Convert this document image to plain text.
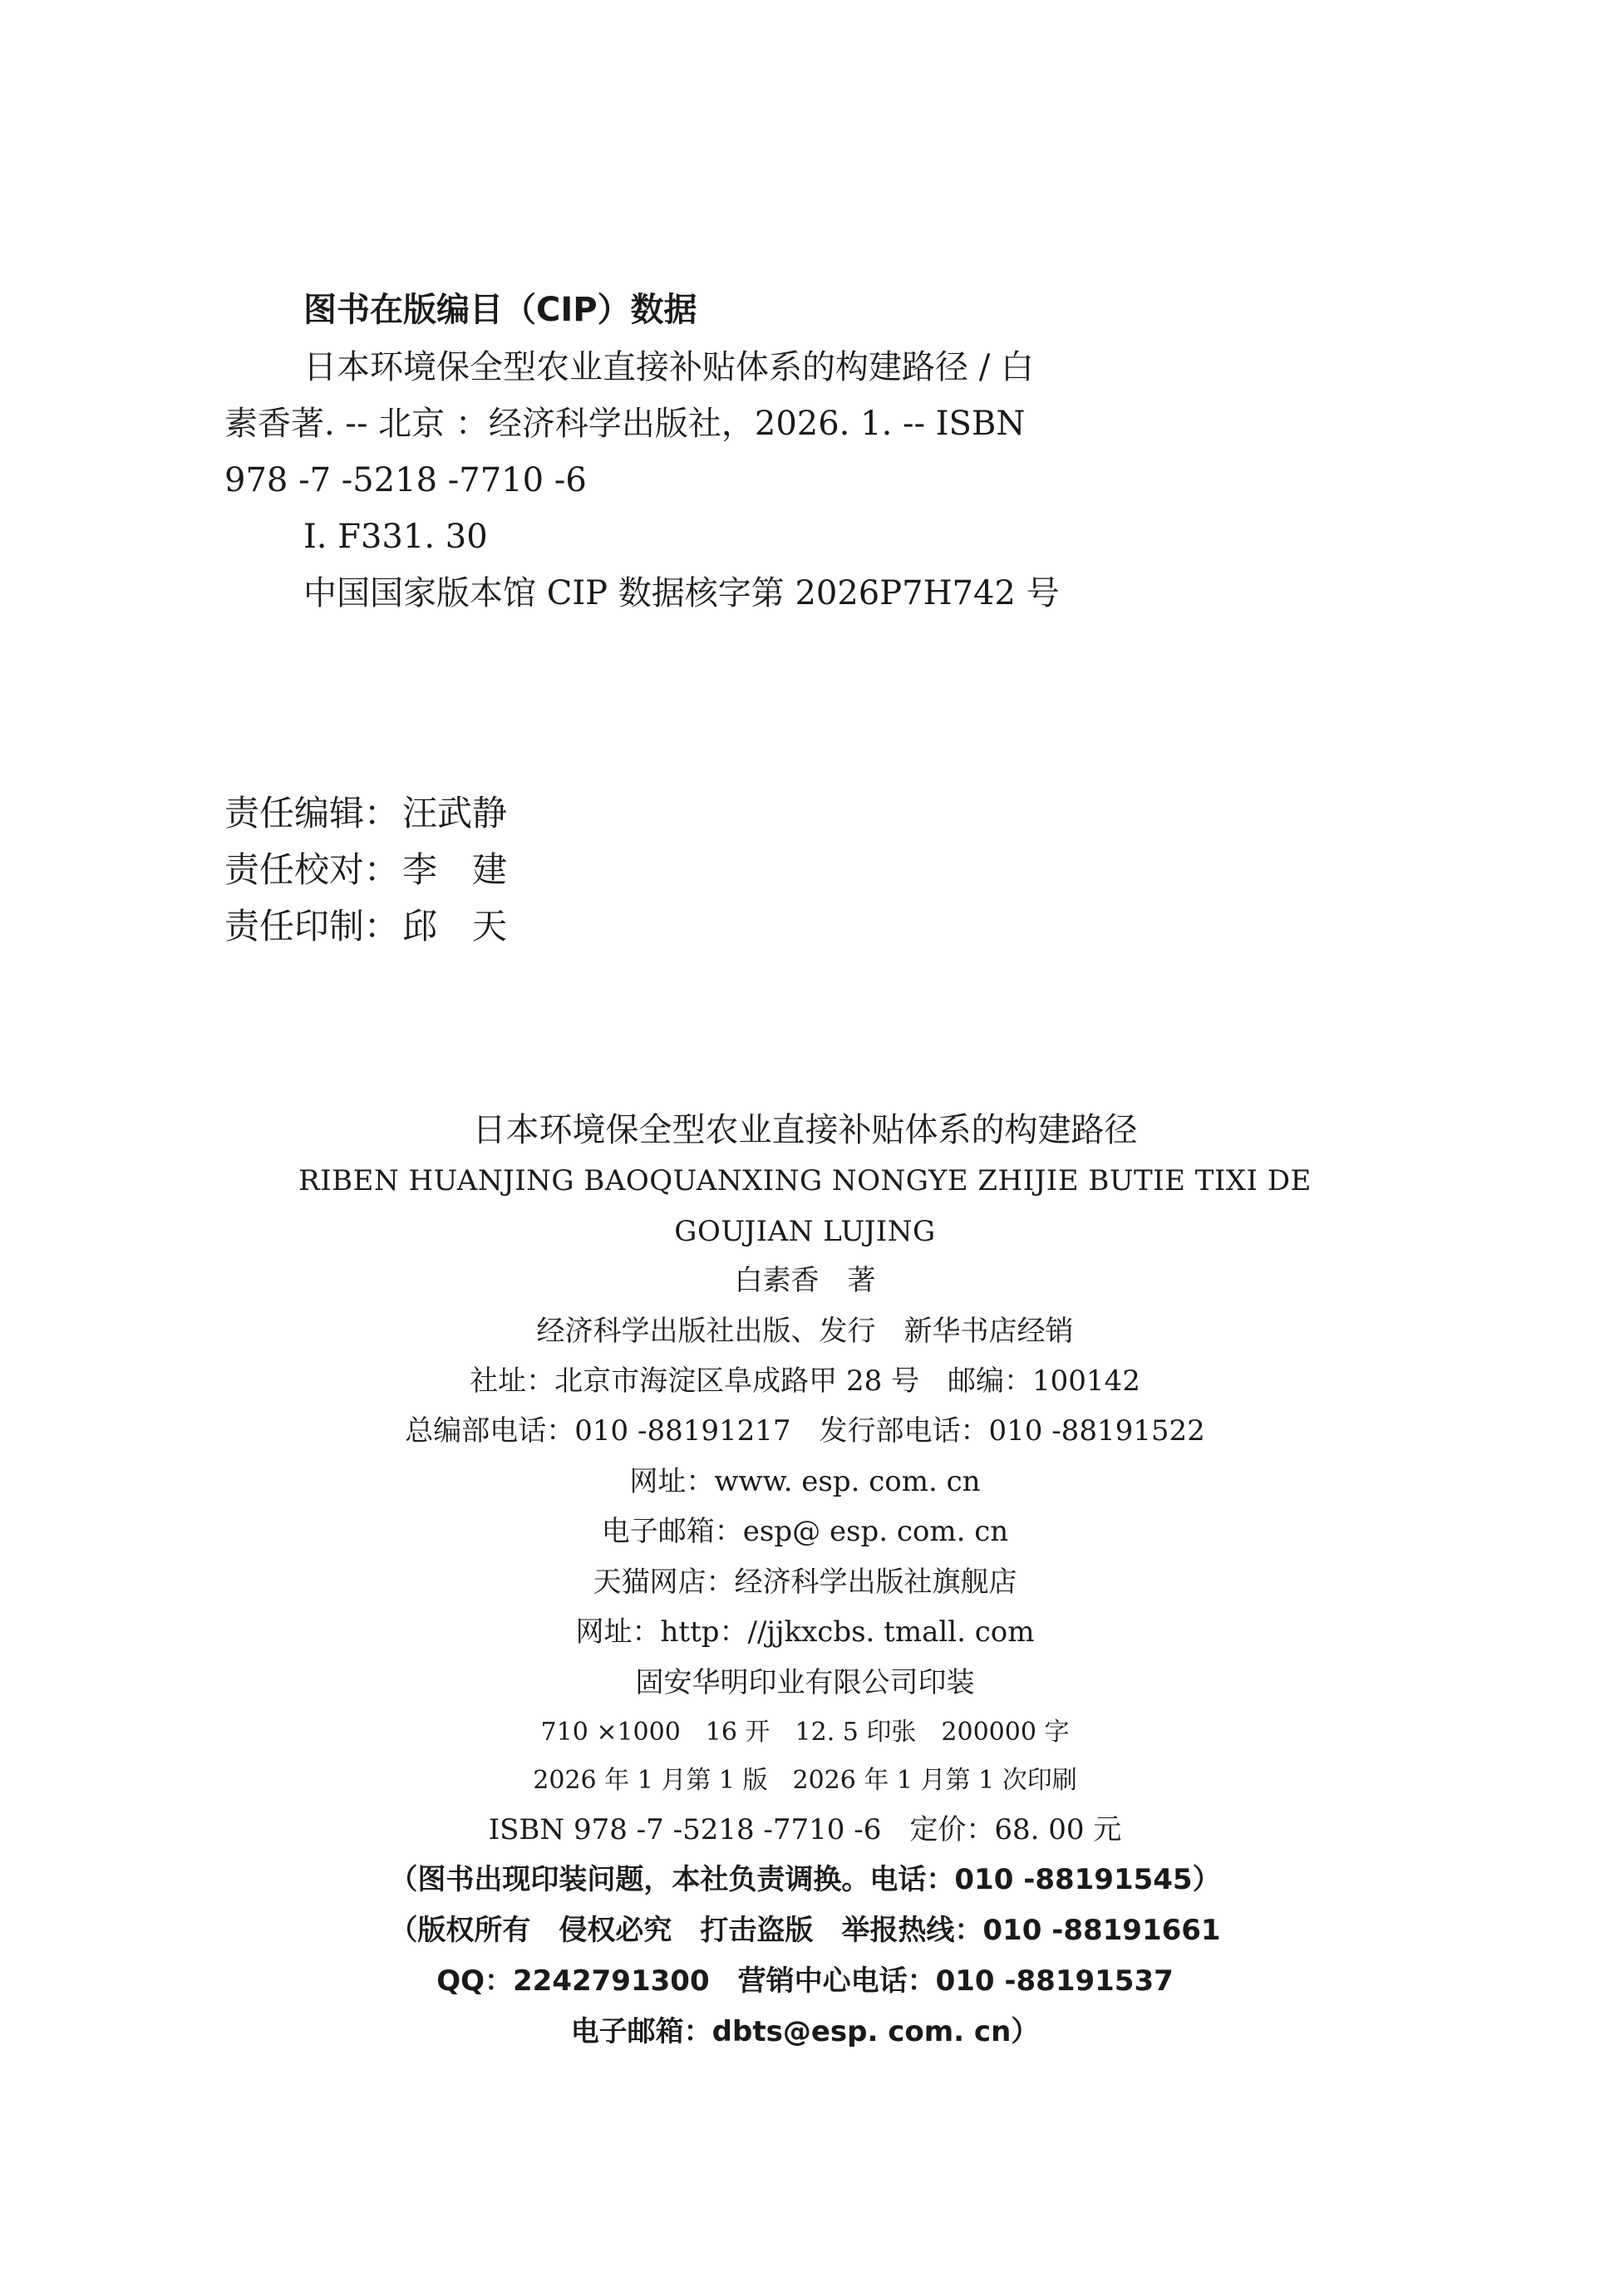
图书在版编目（CIP）数据
日本环境保全型农业直接补贴体系的构建路径 / 白
素香著. -- 北京 ：经济科学出版社，2026. 1. -- ISBN
978 -7 -5218 -7710 -6
Ⅰ. F331. 30
中国国家版本馆 CIP 数据核字第 2026P7H742 号
责任编辑：汪武静
责任校对：李　建
责任印制：邱　天
日本环境保全型农业直接补贴体系的构建路径
RIBEN HUANJING BAOQUANXING NONGYE ZHIJIE BUTIE TIXI DE
GOUJIAN LUJING
白素香　著
经济科学出版社出版、发行　新华书店经销
社址：北京市海淀区阜成路甲 28 号　邮编：100142
总编部电话：010 -88191217　发行部电话：010 -88191522
网址：www. esp. com. cn
电子邮箱：esp@ esp. com. cn
天猫网店：经济科学出版社旗舰店
网址：http：//jjkxcbs. tmall. com
固安华明印业有限公司印装
710 ×1000　16 开　12. 5 印张　200000 字
2026 年 1 月第 1 版　2026 年 1 月第 1 次印刷
ISBN 978 -7 -5218 -7710 -6　定价：68. 00 元
（图书出现印装问题，本社负责调换。电话：010 -88191545）
（版权所有　侵权必究　打击盗版　举报热线：010 -88191661
QQ：2242791300　营销中心电话：010 -88191537
电子邮箱：dbts@esp. com. cn）
